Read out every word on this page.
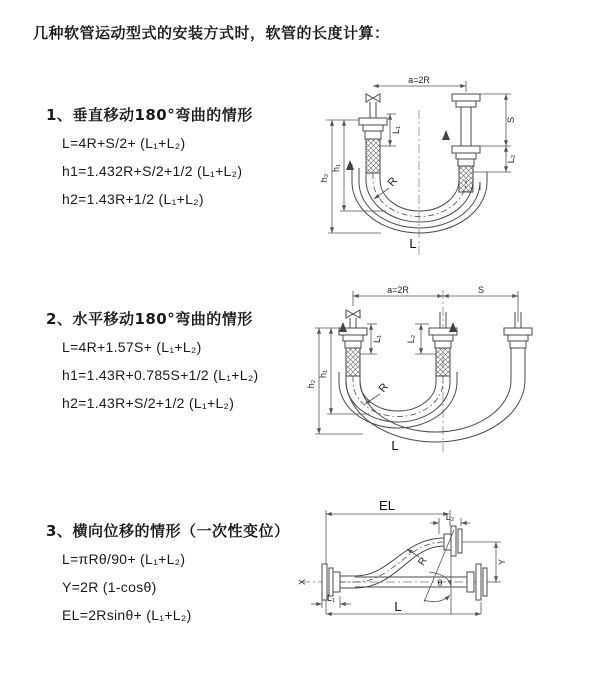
几种软管运动型式的安装方式时，软管的长度计算：
1、垂直移动180°弯曲的情形
L=4R+S/2+ (L₁+L₂)
h1=1.432R+S/2+1/2 (L₁+L₂)
h2=1.43R+1/2 (L₁+L₂)
2、水平移动180°弯曲的情形
L=4R+1.57S+ (L₁+L₂)
h1=1.43R+0.785S+1/2 (L₁+L₂)
h2=1.43R+S/2+1/2 (L₁+L₂)
3、横向位移的情形（一次性变位）
L=πRθ/90+ (L₁+L₂)
Y=2R (1-cosθ)
EL=2Rsinθ+ (L₁+L₂)
a=2R
h₂
h₁
L₁
S
L₂
R
L
a=2R	S
h₂
h₁
L₁	L₂
R
L
EL
L₂
Y
X	θ
R
L₁
L
